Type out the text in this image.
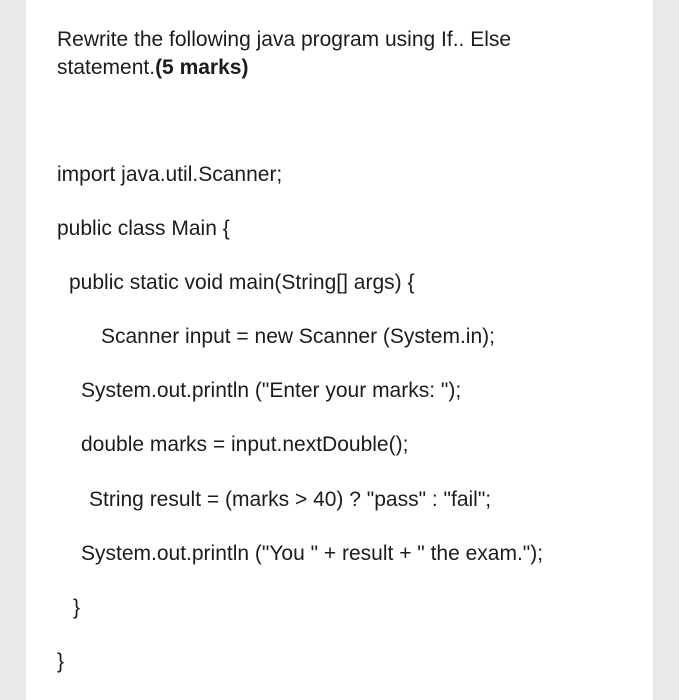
Rewrite the following java program using If.. Else
statement.(5 marks)
import java.util.Scanner;
public class Main {
public static void main(String[] args) {
Scanner input = new Scanner (System.in);
System.out.println ("Enter your marks: ");
double marks = input.nextDouble();
String result = (marks > 40) ? "pass" : "fail";
System.out.println ("You " + result + " the exam.");
}
}
